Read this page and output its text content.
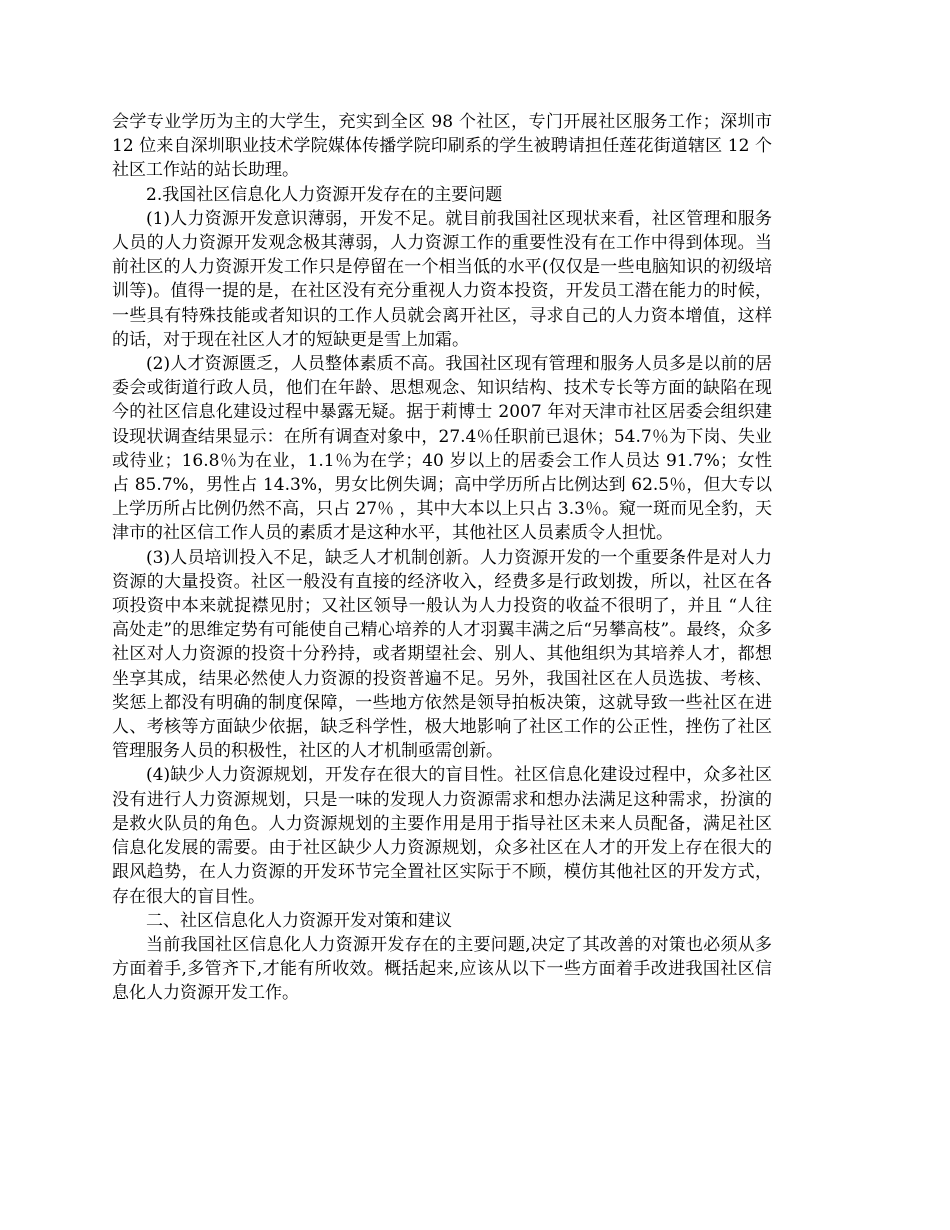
会学专业学历为主的大学生，充实到全区 98 个社区，专门开展社区服务工作；深圳市 12 位来自深圳职业技术学院媒体传播学院印刷系的学生被聘请担任莲花街道辖区 12 个社区工作站的站长助理。

2.我国社区信息化人力资源开发存在的主要问题

(1)人力资源开发意识薄弱，开发不足。就目前我国社区现状来看，社区管理和服务人员的人力资源开发观念极其薄弱，人力资源工作的重要性没有在工作中得到体现。当前社区的人力资源开发工作只是停留在一个相当低的水平(仅仅是一些电脑知识的初级培训等)。值得一提的是，在社区没有充分重视人力资本投资，开发员工潜在能力的时候，一些具有特殊技能或者知识的工作人员就会离开社区，寻求自己的人力资本增值，这样的话，对于现在社区人才的短缺更是雪上加霜。

(2)人才资源匮乏，人员整体素质不高。我国社区现有管理和服务人员多是以前的居委会或街道行政人员，他们在年龄、思想观念、知识结构、技术专长等方面的缺陷在现今的社区信息化建设过程中暴露无疑。据于莉博士 2007 年对天津市社区居委会组织建设现状调查结果显示：在所有调查对象中，27.4％任职前已退休；54.7％为下岗、失业或待业；16.8％为在业，1.1％为在学；40 岁以上的居委会工作人员达 91.7%；女性占 85.7%，男性占 14.3%，男女比例失调；高中学历所占比例达到 62.5％，但大专以上学历所占比例仍然不高，只占 27％ ，其中大本以上只占 3.3％。窥一斑而见全豹，天津市的社区信工作人员的素质才是这种水平，其他社区人员素质令人担忧。

(3)人员培训投入不足，缺乏人才机制创新。人力资源开发的一个重要条件是对人力资源的大量投资。社区一般没有直接的经济收入，经费多是行政划拨，所以，社区在各项投资中本来就捉襟见肘；又社区领导一般认为人力投资的收益不很明了，并且 “人往高处走”的思维定势有可能使自己精心培养的人才羽翼丰满之后“另攀高枝”。最终，众多社区对人力资源的投资十分矜持，或者期望社会、别人、其他组织为其培养人才，都想坐享其成，结果必然使人力资源的投资普遍不足。另外，我国社区在人员选拔、考核、奖惩上都没有明确的制度保障，一些地方依然是领导拍板决策，这就导致一些社区在进人、考核等方面缺少依据，缺乏科学性，极大地影响了社区工作的公正性，挫伤了社区管理服务人员的积极性，社区的人才机制亟需创新。

(4)缺少人力资源规划，开发存在很大的盲目性。社区信息化建设过程中，众多社区没有进行人力资源规划，只是一味的发现人力资源需求和想办法满足这种需求，扮演的是救火队员的角色。人力资源规划的主要作用是用于指导社区未来人员配备，满足社区信息化发展的需要。由于社区缺少人力资源规划，众多社区在人才的开发上存在很大的跟风趋势，在人力资源的开发环节完全置社区实际于不顾，模仿其他社区的开发方式，存在很大的盲目性。

二、社区信息化人力资源开发对策和建议

当前我国社区信息化人力资源开发存在的主要问题,决定了其改善的对策也必须从多方面着手,多管齐下,才能有所收效。概括起来,应该从以下一些方面着手改进我国社区信息化人力资源开发工作。
